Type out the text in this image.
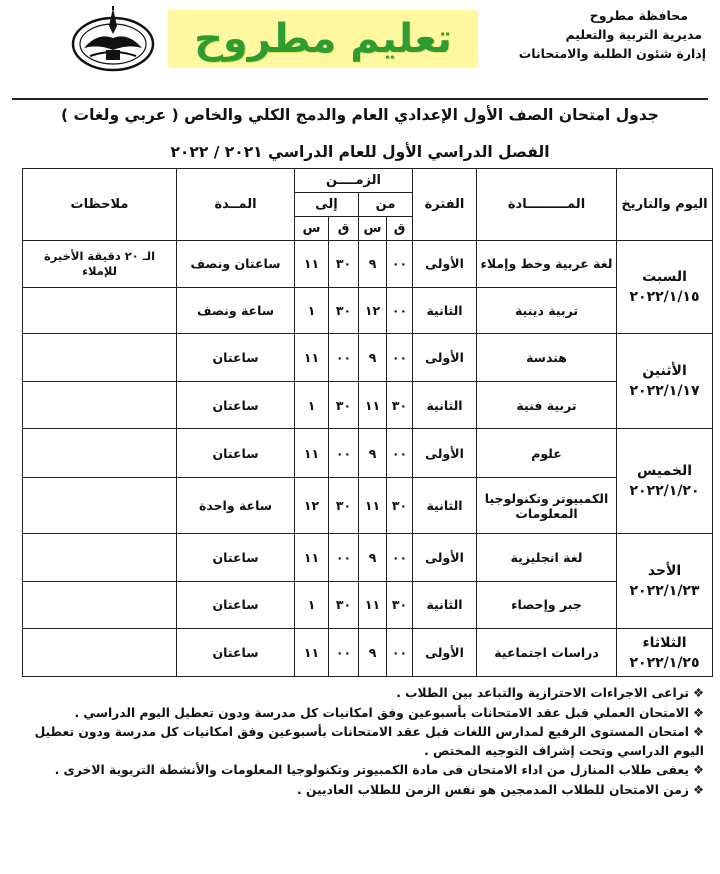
تعليم مطروح
محافظة مطروح
مديرية التربية والتعليم
إدارة شئون الطلبة والامتحانات
جدول امتحان الصف الأول الإعدادي العام والدمج الكلي والخاص ( عربي ولغات )
الفصل الدراسي الأول للعام الدراسي ٢٠٢١ / ٢٠٢٢
اليوم والتاريخ	المـــــــــادة	الفترة	الزمــــن				المــدة	ملاحظات
			من		إلى			
			ق	س	ق	س		

السبت
٢٠٢٢/١/١٥	لغة عربية وخط وإملاء	الأولى	٠٠	٩	٣٠	١١	ساعتان ونصف	الـ ٢٠ دقيقة الأخيرة للإملاء
	تربية دينية	الثانية	٠٠	١٢	٣٠	١	ساعة ونصف	

الأثنين
٢٠٢٢/١/١٧	هندسة	الأولى	٠٠	٩	٠٠	١١	ساعتان	
	تربية فنية	الثانية	٣٠	١١	٣٠	١	ساعتان	

الخميس
٢٠٢٢/١/٢٠	علوم	الأولى	٠٠	٩	٠٠	١١	ساعتان	
	الكمبيوتر وتكنولوجيا المعلومات	الثانية	٣٠	١١	٣٠	١٢	ساعة واحدة	

الأحد
٢٠٢٢/١/٢٣	لغة انجليزية	الأولى	٠٠	٩	٠٠	١١	ساعتان	
	جبر وإحصاء	الثانية	٣٠	١١	٣٠	١	ساعتان	

الثلاثاء
٢٠٢٢/١/٢٥	دراسات اجتماعية	الأولى	٠٠	٩	٠٠	١١	ساعتان	
❖تراعى الاجراءات الاحترازية والتباعد بين الطلاب .
❖الامتحان العملي قبل عقد الامتحانات بأسبوعين وفق امكانيات كل مدرسة ودون تعطيل اليوم الدراسي .
❖امتحان المستوى الرفيع لمدارس اللغات قبل عقد الامتحانات بأسبوعين وفق امكانيات كل مدرسة ودون تعطيل اليوم الدراسي وتحت إشراف التوجيه المختص .
❖يعفى طلاب المنازل من اداء الامتحان فى مادة الكمبيوتر وتكنولوجيا المعلومات والأنشطة التربوية الاخرى .
❖زمن الامتحان للطلاب المدمجين هو نفس الزمن للطلاب العاديين .
